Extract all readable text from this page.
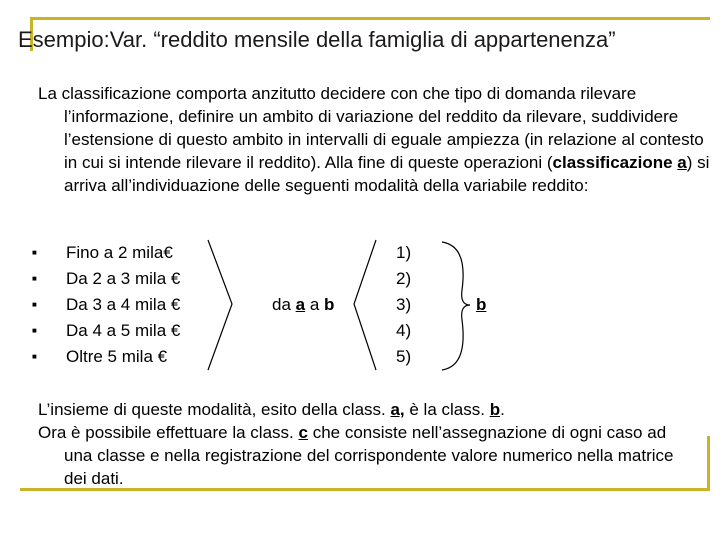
Esempio:Var. “reddito mensile della famiglia di appartenenza”

La classificazione comporta anzitutto decidere con che tipo di domanda rilevare l’informazione, definire un ambito di variazione del reddito da rilevare, suddividere l’estensione di questo ambito in intervalli di eguale ampiezza (in relazione al contesto in cui si intende rilevare il reddito). Alla fine di queste operazioni (classificazione a) si arriva all’individuazione delle seguenti modalità della variabile reddito:

■ Fino a 2 mila€
■ Da 2 a 3 mila €
■ Da 3 a 4 mila €
■ Da 4 a 5 mila €
■ Oltre 5 mila €
da a a b
1)
2)
3)
4)
5)
b

L’insieme di queste modalità, esito della class. a, è la class. b.

Ora è possibile effettuare la class. c che consiste nell’assegnazione di ogni caso ad una classe e nella registrazione del corrispondente valore numerico nella matrice dei dati.
